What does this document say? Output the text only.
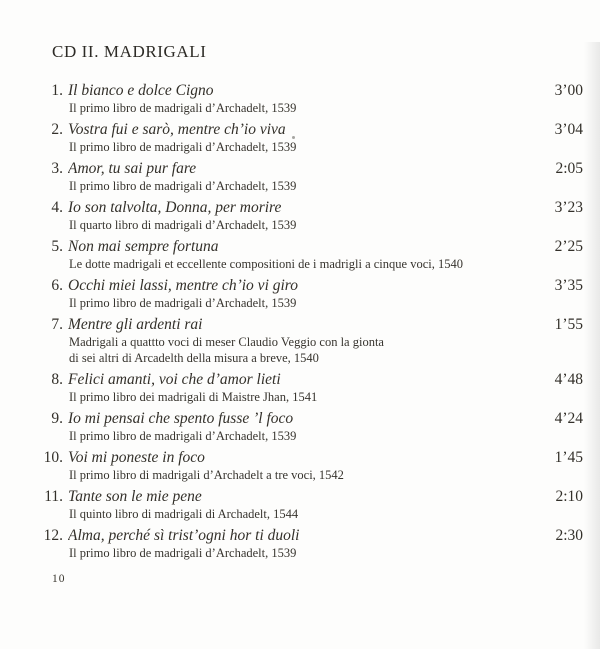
CD II. MADRIGALI
1. Il bianco e dolce Cigno	3’00
Il primo libro de madrigali d’Archadelt, 1539
2. Vostra fui e sarò, mentre ch’io viva	3’04
Il primo libro de madrigali d’Archadelt, 1539
3. Amor, tu sai pur fare	2:05
Il primo libro de madrigali d’Archadelt, 1539
4. Io son talvolta, Donna, per morire	3’23
Il quarto libro di madrigali d’Archadelt, 1539
5. Non mai sempre fortuna	2’25
Le dotte madrigali et eccellente compositioni de i madrigli a cinque voci, 1540
6. Occhi miei lassi, mentre ch’io vi giro	3’35
Il primo libro de madrigali d’Archadelt, 1539
7. Mentre gli ardenti rai	1’55
Madrigali a quattto voci di meser Claudio Veggio con la gionta
di sei altri di Arcadelth della misura a breve, 1540
8. Felici amanti, voi che d’amor lieti	4’48
Il primo libro dei madrigali di Maistre Jhan, 1541
9. Io mi pensai che spento fusse ’l foco	4’24
Il primo libro de madrigali d’Archadelt, 1539
10. Voi mi poneste in foco	1’45
Il primo libro di madrigali d’Archadelt a tre voci, 1542
11. Tante son le mie pene	2:10
Il quinto libro di madrigali di Archadelt, 1544
12. Alma, perché sì trist’ogni hor ti duoli	2:30
Il primo libro de madrigali d’Archadelt, 1539
10
